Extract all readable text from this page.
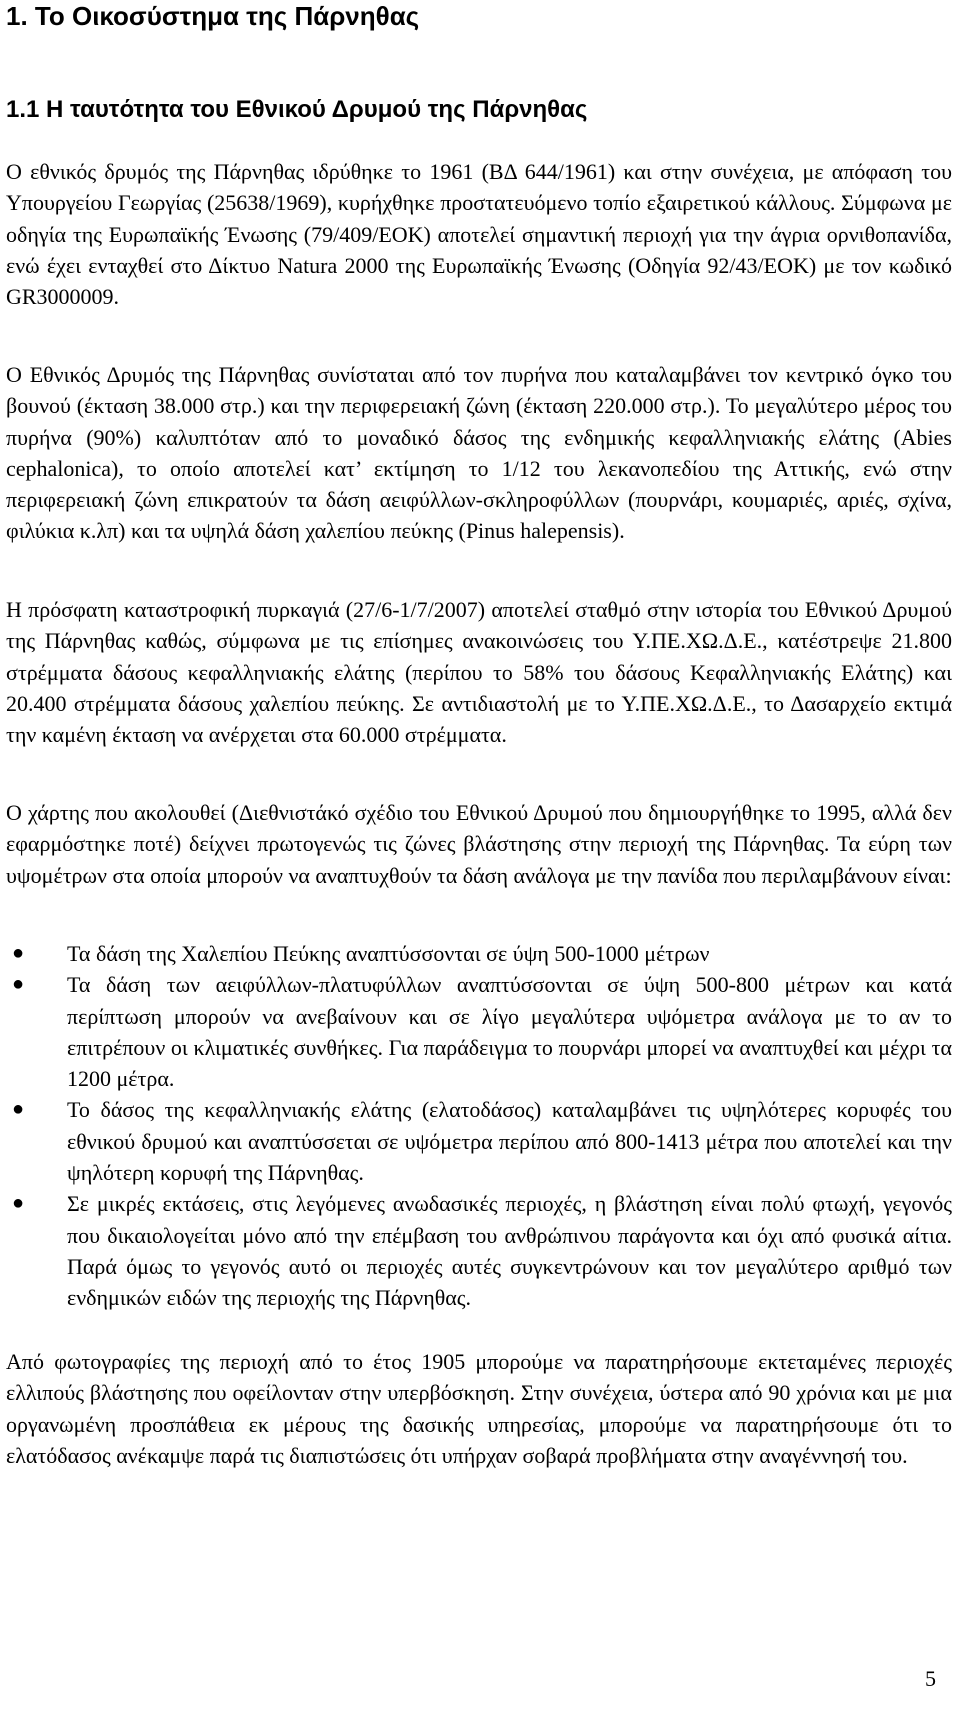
1. Το Οικοσύστημα της Πάρνηθας
1.1 Η ταυτότητα του Εθνικού Δρυμού της Πάρνηθας

Ο εθνικός δρυμός της Πάρνηθας ιδρύθηκε το 1961 (ΒΔ 644/1961) και στην συνέχεια, με απόφαση του Υπουργείου Γεωργίας (25638/1969), κυρήχθηκε προστατευόμενο τοπίο εξαιρετικού κάλλους. Σύμφωνα με οδηγία της Ευρωπαϊκής Ένωσης (79/409/ΕΟΚ) αποτελεί σημαντική περιοχή για την άγρια ορνιθοπανίδα, ενώ έχει ενταχθεί στο Δίκτυο Natura 2000 της Ευρωπαϊκής Ένωσης (Οδηγία 92/43/ΕΟΚ) με τον κωδικό GR3000009.

Ο Εθνικός Δρυμός της Πάρνηθας συνίσταται από τον πυρήνα που καταλαμβάνει τον κεντρικό όγκο του βουνού (έκταση 38.000 στρ.) και την περιφερειακή ζώνη (έκταση 220.000 στρ.). Το μεγαλύτερο μέρος του πυρήνα (90%) καλυπτόταν από το μοναδικό δάσος της ενδημικής κεφαλληνιακής ελάτης (Abies cephalonica), το οποίο αποτελεί κατ’ εκτίμηση το 1/12 του λεκανοπεδίου της Αττικής, ενώ στην περιφερειακή ζώνη επικρατούν τα δάση αειφύλλων-σκληροφύλλων (πουρνάρι, κουμαριές, αριές, σχίνα, φιλύκια κ.λπ) και τα υψηλά δάση χαλεπίου πεύκης (Pinus halepensis).

Η πρόσφατη καταστροφική πυρκαγιά (27/6-1/7/2007) αποτελεί σταθμό στην ιστορία του Εθνικού Δρυμού της Πάρνηθας καθώς, σύμφωνα με τις επίσημες ανακοινώσεις του Υ.ΠΕ.ΧΩ.Δ.Ε., κατέστρεψε 21.800 στρέμματα δάσους κεφαλληνιακής ελάτης (περίπου το 58% του δάσους Κεφαλληνιακής Ελάτης) και 20.400 στρέμματα δάσους χαλεπίου πεύκης. Σε αντιδιαστολή με το Υ.ΠΕ.ΧΩ.Δ.Ε., το Δασαρχείο εκτιμά την καμένη έκταση να ανέρχεται στα 60.000 στρέμματα.

Ο χάρτης που ακολουθεί (Διεθνιστάκό σχέδιο του Εθνικού Δρυμού που δημιουργήθηκε το 1995, αλλά δεν εφαρμόστηκε ποτέ) δείχνει πρωτογενώς τις ζώνες βλάστησης στην περιοχή της Πάρνηθας. Τα εύρη των υψομέτρων στα οποία μπορούν να αναπτυχθούν τα δάση ανάλογα με την πανίδα που περιλαμβάνουν είναι:

● Τα δάση της Χαλεπίου Πεύκης αναπτύσσονται σε ύψη 500-1000 μέτρων
● Τα δάση των αειφύλλων-πλατυφύλλων αναπτύσσονται σε ύψη 500-800 μέτρων και κατά περίπτωση μπορούν να ανεβαίνουν και σε λίγο μεγαλύτερα υψόμετρα ανάλογα με το αν το επιτρέπουν οι κλιματικές συνθήκες. Για παράδειγμα το πουρνάρι μπορεί να αναπτυχθεί και μέχρι τα 1200 μέτρα.
● Το δάσος της κεφαλληνιακής ελάτης (ελατοδάσος) καταλαμβάνει τις υψηλότερες κορυφές του εθνικού δρυμού και αναπτύσσεται σε υψόμετρα περίπου από 800-1413 μέτρα που αποτελεί και την ψηλότερη κορυφή της Πάρνηθας.
● Σε μικρές εκτάσεις, στις λεγόμενες ανωδασικές περιοχές, η βλάστηση είναι πολύ φτωχή, γεγονός που δικαιολογείται μόνο από την επέμβαση του ανθρώπινου παράγοντα και όχι από φυσικά αίτια. Παρά όμως το γεγονός αυτό οι περιοχές αυτές συγκεντρώνουν και τον μεγαλύτερο αριθμό των ενδημικών ειδών της περιοχής της Πάρνηθας.

Από φωτογραφίες της περιοχή από το έτος 1905 μπορούμε να παρατηρήσουμε εκτεταμένες περιοχές ελλιπούς βλάστησης που οφείλονταν στην υπερβόσκηση. Στην συνέχεια, ύστερα από 90 χρόνια και με μια οργανωμένη προσπάθεια εκ μέρους της δασικής υπηρεσίας, μπορούμε να παρατηρήσουμε ότι το ελατόδασος ανέκαμψε παρά τις διαπιστώσεις ότι υπήρχαν σοβαρά προβλήματα στην αναγέννησή του.

5
